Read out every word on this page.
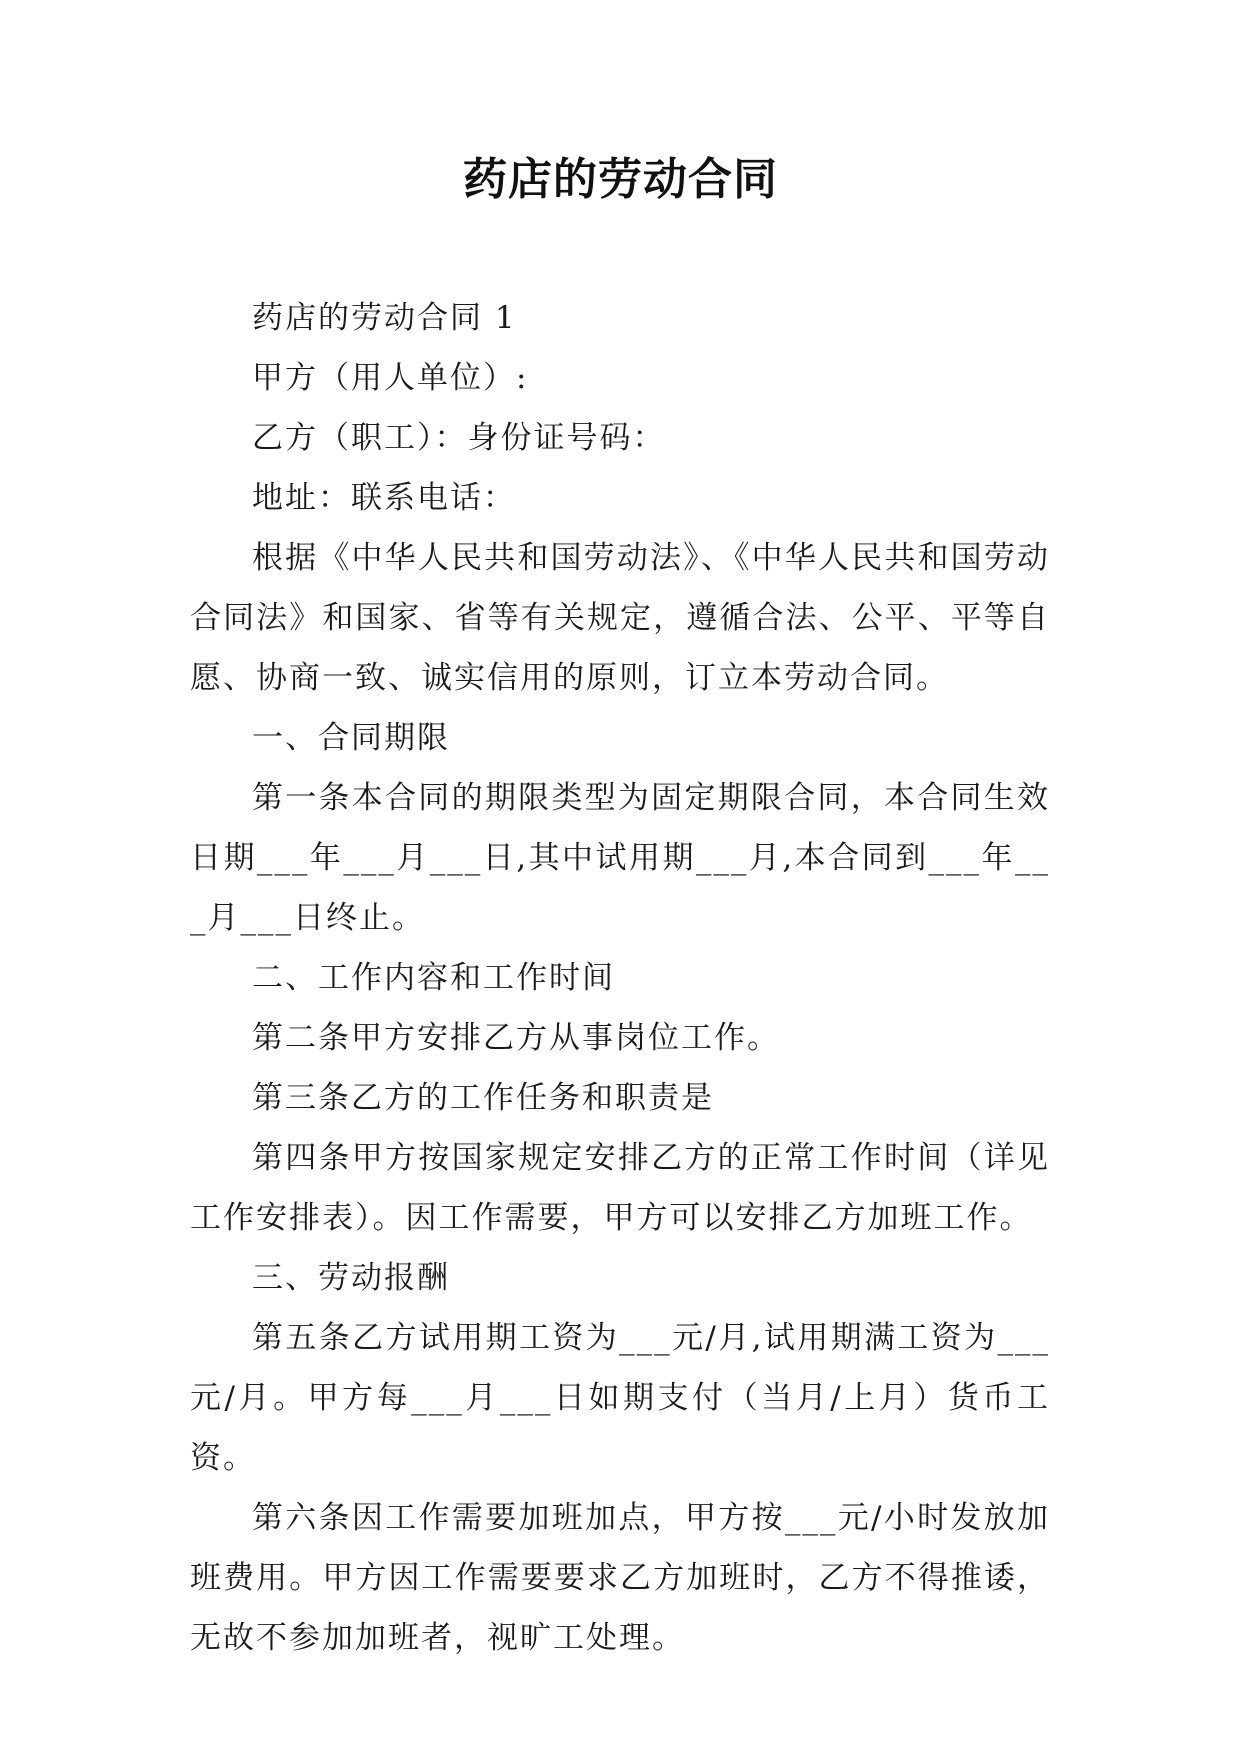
药店的劳动合同

药店的劳动合同 1

甲方（用人单位）:

乙方（职工）：身份证号码：

地址：联系电话：

根据《中华人民共和国劳动法》、《中华人民共和国劳动合同法》和国家、省等有关规定，遵循合法、公平、平等自愿、协商一致、诚实信用的原则，订立本劳动合同。

一、合同期限

第一条本合同的期限类型为固定期限合同，本合同生效日期___年___月___日,其中试用期___月,本合同到___年___月___日终止。

二、工作内容和工作时间

第二条甲方安排乙方从事岗位工作。

第三条乙方的工作任务和职责是

第四条甲方按国家规定安排乙方的正常工作时间（详见工作安排表）。因工作需要，甲方可以安排乙方加班工作。

三、劳动报酬

第五条乙方试用期工资为___元/月,试用期满工资为___元/月。甲方每___月___日如期支付（当月/上月）货币工资。

第六条因工作需要加班加点，甲方按___元/小时发放加班费用。甲方因工作需要要求乙方加班时，乙方不得推诿，无故不参加加班者，视旷工处理。
